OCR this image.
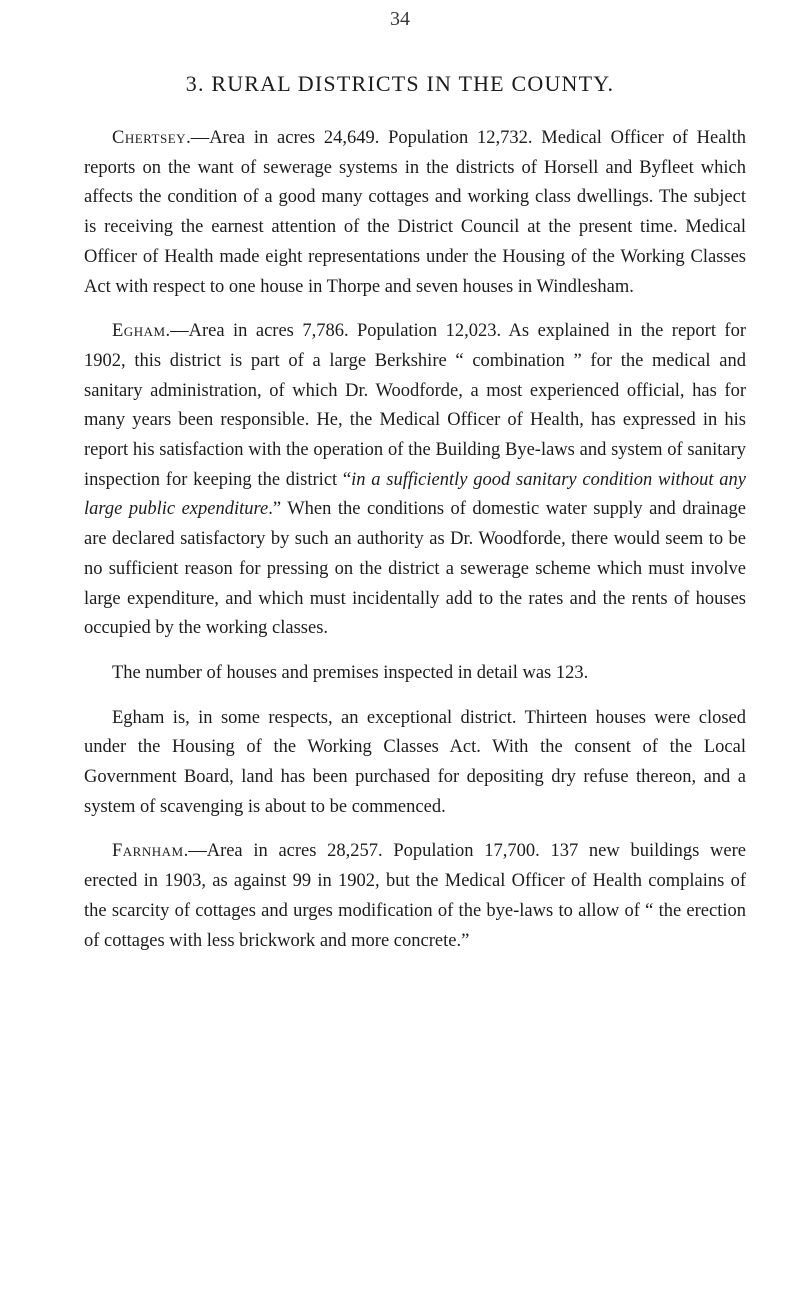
34
3. RURAL DISTRICTS IN THE COUNTY.

Chertsey.—Area in acres 24,649. Population 12,732. Medical Officer of Health reports on the want of sewerage systems in the districts of Horsell and Byfleet which affects the condition of a good many cottages and working class dwellings. The subject is receiving the earnest attention of the District Council at the present time. Medical Officer of Health made eight representations under the Housing of the Working Classes Act with respect to one house in Thorpe and seven houses in Windlesham.

Egham.—Area in acres 7,786. Population 12,023. As explained in the report for 1902, this district is part of a large Berkshire “ combination ” for the medical and sanitary administration, of which Dr. Woodforde, a most experienced official, has for many years been responsible. He, the Medical Officer of Health, has expressed in his report his satisfaction with the operation of the Building Bye-laws and system of sanitary inspection for keeping the district “in a sufficiently good sanitary condition without any large public expenditure.” When the conditions of domestic water supply and drainage are declared satisfactory by such an authority as Dr. Woodforde, there would seem to be no sufficient reason for pressing on the district a sewerage scheme which must involve large expenditure, and which must incidentally add to the rates and the rents of houses occupied by the working classes.

The number of houses and premises inspected in detail was 123.

Egham is, in some respects, an exceptional district. Thirteen houses were closed under the Housing of the Working Classes Act. With the consent of the Local Government Board, land has been purchased for depositing dry refuse thereon, and a system of scavenging is about to be commenced.

Farnham.—Area in acres 28,257. Population 17,700. 137 new buildings were erected in 1903, as against 99 in 1902, but the Medical Officer of Health complains of the scarcity of cottages and urges modification of the bye-laws to allow of “ the erection of cottages with less brickwork and more concrete.”
